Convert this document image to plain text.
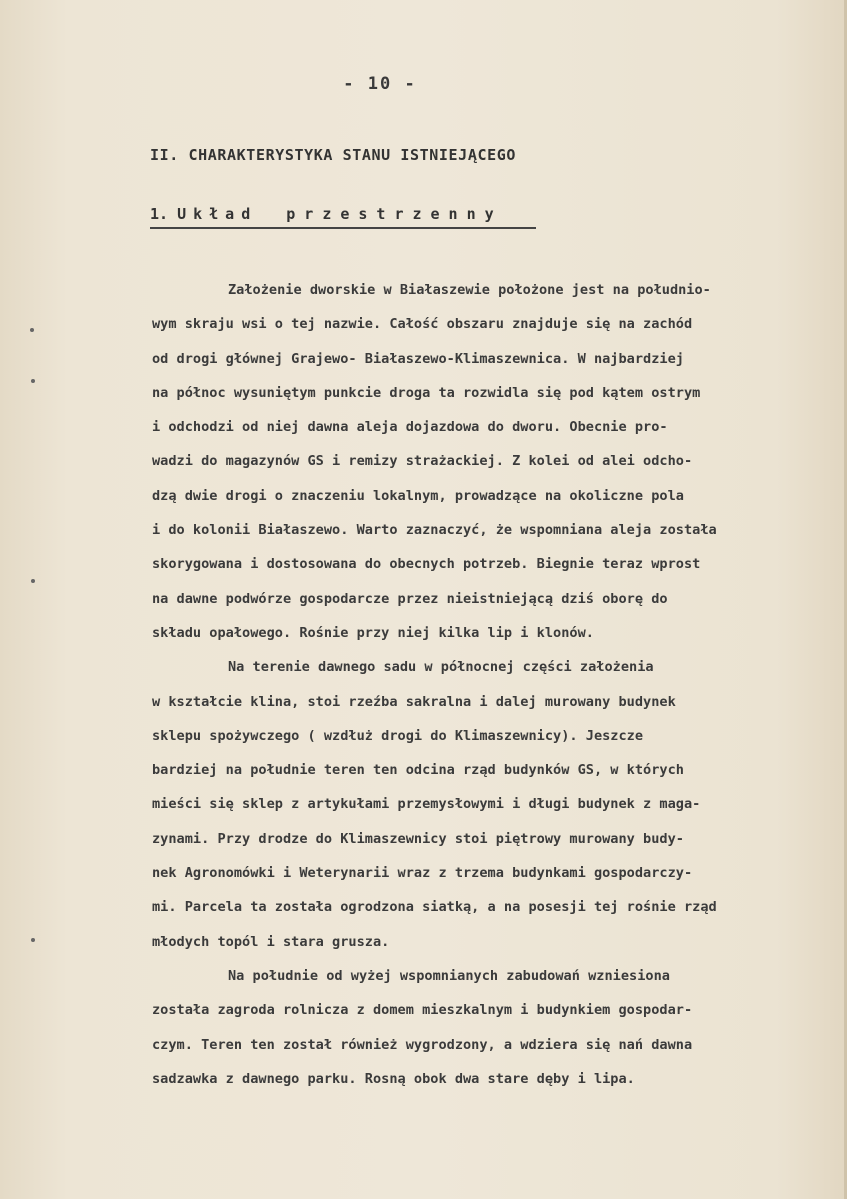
- 10 -
II. CHARAKTERYSTYKA STANU ISTNIEJĄCEGO
1. Układ przestrzenny
Założenie dworskie w Białaszewie położone jest na południo-
wym skraju wsi o tej nazwie. Całość obszaru znajduje się na zachód
od drogi głównej Grajewo- Białaszewo-Klimaszewnica. W najbardziej
na północ wysuniętym punkcie droga ta rozwidla się pod kątem ostrym
i odchodzi od niej dawna aleja dojazdowa do dworu. Obecnie pro-
wadzi do magazynów GS i remizy strażackiej. Z kolei od alei odcho-
dzą dwie drogi o znaczeniu lokalnym, prowadzące na okoliczne pola
i do kolonii Białaszewo. Warto zaznaczyć, że wspomniana aleja została
skorygowana i dostosowana do obecnych potrzeb. Biegnie teraz wprost
na dawne podwórze gospodarcze przez nieistniejącą dziś oborę do
składu opałowego. Rośnie przy niej kilka lip i klonów.
Na terenie dawnego sadu w północnej części założenia
w kształcie klina, stoi rzeźba sakralna i dalej murowany budynek
sklepu spożywczego ( wzdłuż drogi do Klimaszewnicy). Jeszcze
bardziej na południe teren ten odcina rząd budynków GS, w których
mieści się sklep z artykułami przemysłowymi i długi budynek z maga-
zynami. Przy drodze do Klimaszewnicy stoi piętrowy murowany budy-
nek Agronomówki i Weterynarii wraz z trzema budynkami gospodarczy-
mi. Parcela ta została ogrodzona siatką, a na posesji tej rośnie rząd
młodych topól i stara grusza.
Na południe od wyżej wspomnianych zabudowań wzniesiona
została zagroda rolnicza z domem mieszkalnym i budynkiem gospodar-
czym. Teren ten został również wygrodzony, a wdziera się nań dawna
sadzawka z dawnego parku. Rosną obok dwa stare dęby i lipa.
